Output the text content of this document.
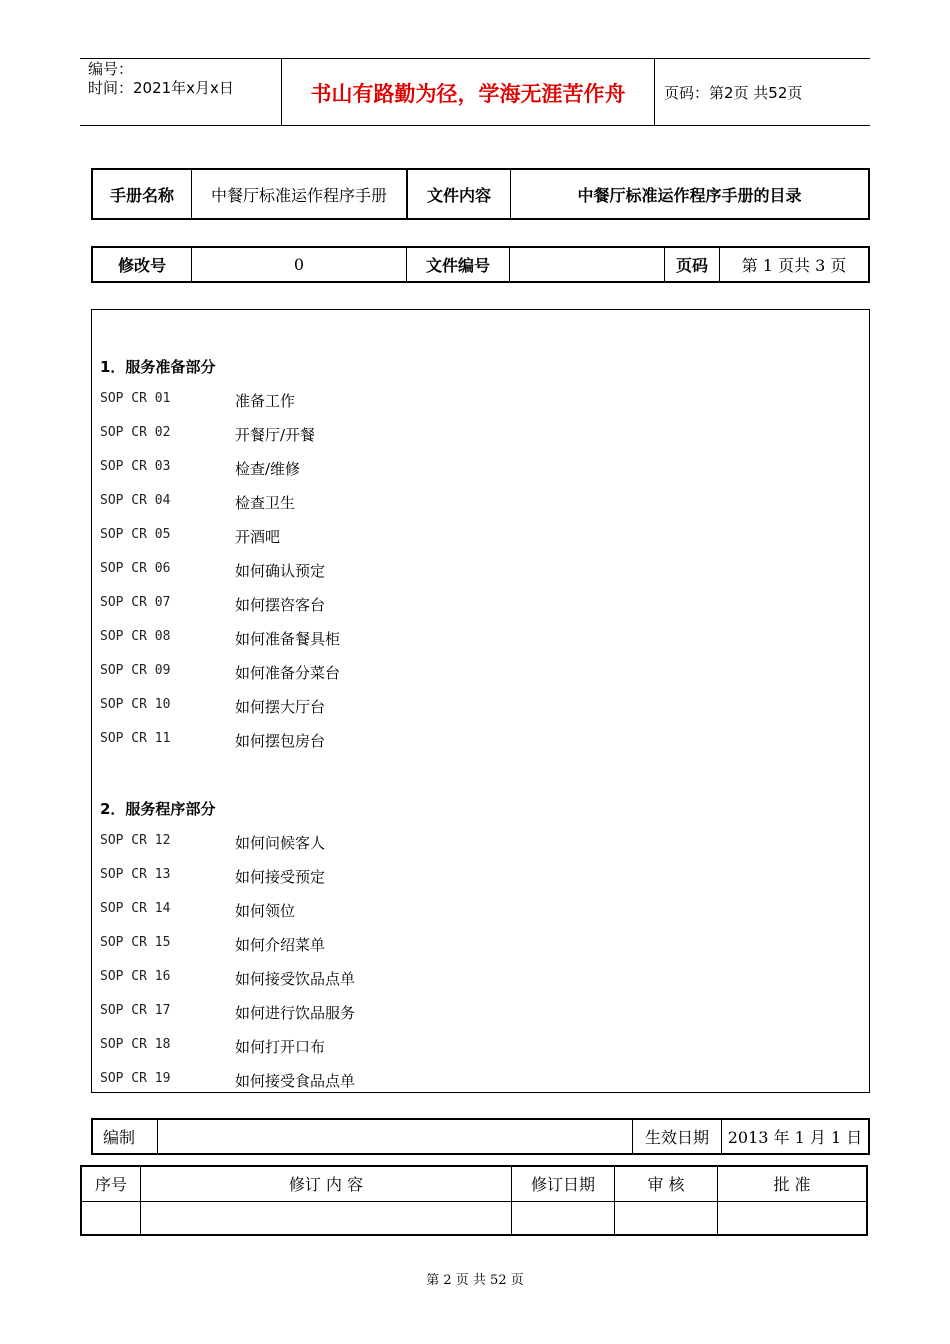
编号：
时间：2021年x月x日	书山有路勤为径，学海无涯苦作舟	页码：第2页 共52页
手册名称	中餐厅标准运作程序手册	文件内容	中餐厅标准运作程序手册的目录
修改号	0	文件编号		页码	第 1 页共 3 页
1．服务准备部分
SOP CR 01	准备工作
SOP CR 02	开餐厅/开餐
SOP CR 03	检查/维修
SOP CR 04	检查卫生
SOP CR 05	开酒吧
SOP CR 06	如何确认预定
SOP CR 07	如何摆咨客台
SOP CR 08	如何准备餐具柜
SOP CR 09	如何准备分菜台
SOP CR 10	如何摆大厅台
SOP CR 11	如何摆包房台
2．服务程序部分
SOP CR 12	如何问候客人
SOP CR 13	如何接受预定
SOP CR 14	如何领位
SOP CR 15	如何介绍菜单
SOP CR 16	如何接受饮品点单
SOP CR 17	如何进行饮品服务
SOP CR 18	如何打开口布
SOP CR 19	如何接受食品点单
编制		生效日期	2013 年 1 月 1 日
序号	修订 内 容	修订日期	审 核	批 准

第 2 页 共 52 页
